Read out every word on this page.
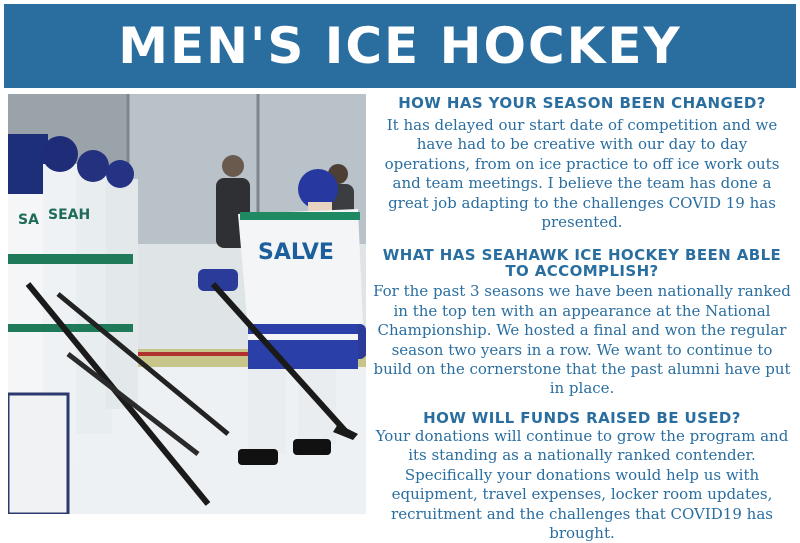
MEN'S ICE HOCKEY
SA SEAH
SALVE
HOW HAS YOUR SEASON BEEN CHANGED?

It has delayed our start date of competition and we have had to be creative with our day to day operations, from on ice practice to off ice work outs and team meetings. I believe the team has done a great job adapting to the challenges COVID 19 has presented.

WHAT HAS SEAHAWK ICE HOCKEY BEEN ABLE TO ACCOMPLISH?

For the past 3 seasons we have been nationally ranked in the top ten with an appearance at the National Championship. We hosted a final and won the regular season two years in a row. We want to continue to build on the cornerstone that the past alumni have put in place.

HOW WILL FUNDS RAISED BE USED?

Your donations will continue to grow the program and its standing as a nationally ranked contender. Specifically your donations would help us with equipment, travel expenses, locker room updates, recruitment and the challenges that COVID19 has brought.
